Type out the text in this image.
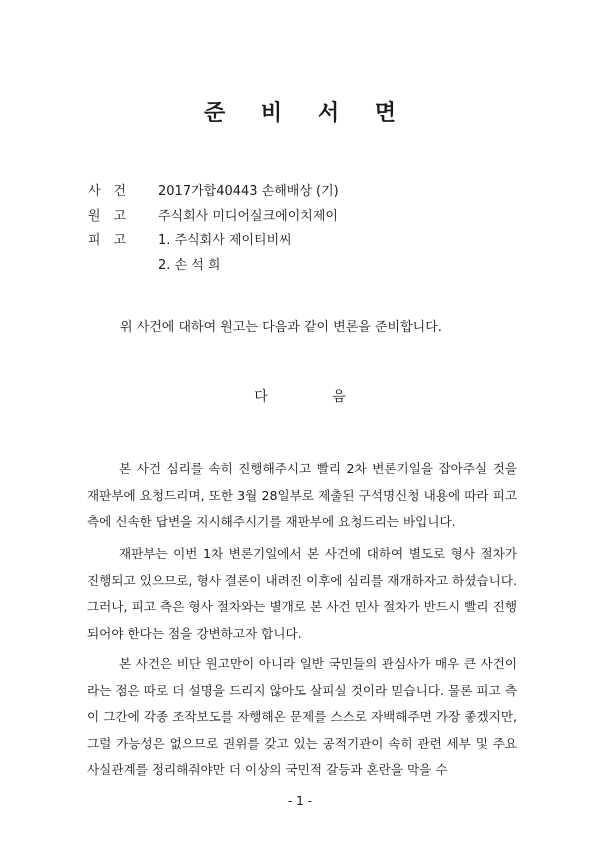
준 비 서 면
사 건 2017가합40443 손해배상 (기)
원 고 주식회사 미디어실크에이치제이
피 고 1. 주식회사 제이티비씨
2. 손 석 희
위 사건에 대하여 원고는 다음과 같이 변론을 준비합니다.
다 음

본 사건 심리를 속히 진행해주시고 빨리 2차 변론기일을 잡아주실 것을 재판부에 요청드리며, 또한 3월 28일부로 제출된 구석명신청 내용에 따라 피고 측에 신속한 답변을 지시해주시기를 재판부에 요청드리는 바입니다.

재판부는 이번 1차 변론기일에서 본 사건에 대하여 별도로 형사 절차가 진행되고 있으므로, 형사 결론이 내려진 이후에 심리를 재개하자고 하셨습니다. 그러나, 피고 측은 형사 절차와는 별개로 본 사건 민사 절차가 반드시 빨리 진행되어야 한다는 점을 강변하고자 합니다.

본 사건은 비단 원고만이 아니라 일반 국민들의 관심사가 매우 큰 사건이라는 점은 따로 더 설명을 드리지 않아도 살피실 것이라 믿습니다. 물론 피고 측이 그간에 각종 조작보도를 자행해온 문제를 스스로 자백해주면 가장 좋겠지만, 그럴 가능성은 없으므로 권위를 갖고 있는 공적기관이 속히 관련 세부 및 주요 사실관계를 정리해줘야만 더 이상의 국민적 갈등과 혼란을 막을 수

- 1 -
